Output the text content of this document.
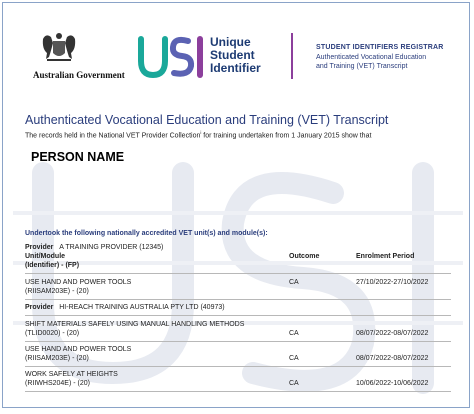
Australian Government
USI
Unique
Student
Identifier
STUDENT IDENTIFIERS REGISTRAR
Authenticated Vocational Education
and Training (VET) Transcript
Authenticated Vocational Education and Training (VET) Transcript
The records held in the National VET Provider Collection$^i$ for training undertaken from 1 January 2015 show that
PERSON NAME
Undertook the following nationally accredited VET unit(s) and module(s):
Provider A TRAINING PROVIDER (12345)
Unit/Module	Outcome	Enrolment Period
(Identifier) - (FP)
USE HAND AND POWER TOOLS	CA	27/10/2022-27/10/2022
(RIISAM203E) - (20)
Provider HI-REACH TRAINING AUSTRALIA PTY LTD (40973)
SHIFT MATERIALS SAFELY USING MANUAL HANDLING METHODS
(TLID0020) - (20)	CA	08/07/2022-08/07/2022
USE HAND AND POWER TOOLS
(RIISAM203E) - (20)	CA	08/07/2022-08/07/2022
WORK SAFELY AT HEIGHTS
(RIIWHS204E) - (20)	CA	10/06/2022-10/06/2022
